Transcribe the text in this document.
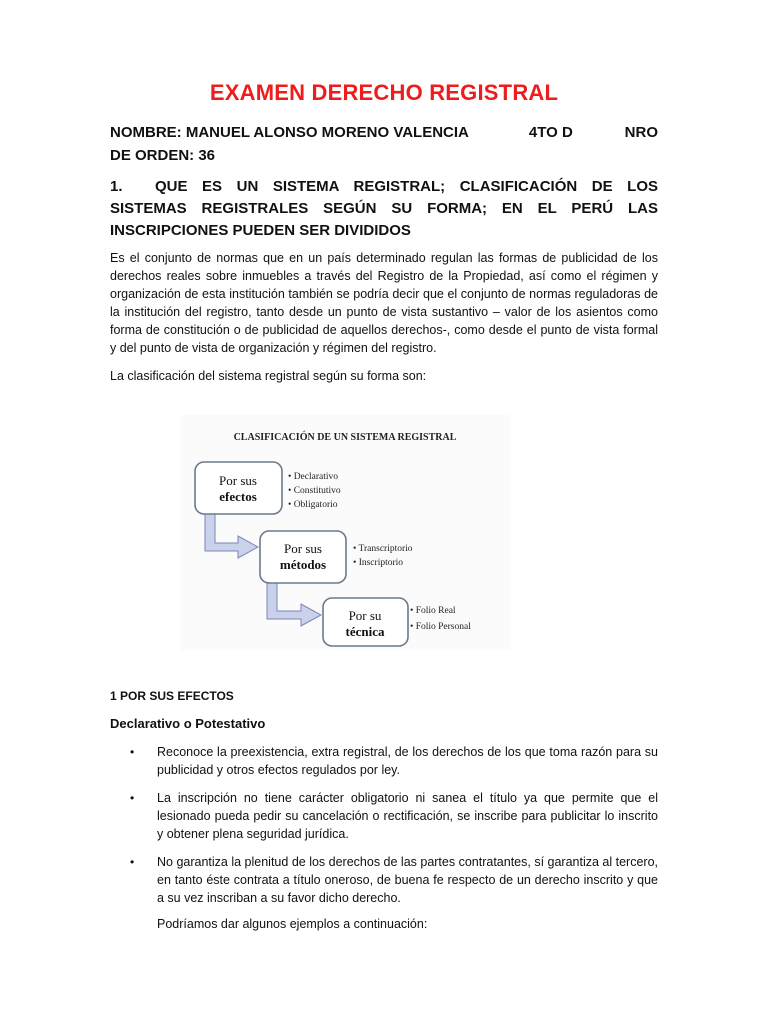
EXAMEN DERECHO REGISTRAL
NOMBRE: MANUEL ALONSO MORENO VALENCIA	4TO D	NRO
DE ORDEN: 36
1. QUE ES UN SISTEMA REGISTRAL; CLASIFICACIÓN DE LOS SISTEMAS REGISTRALES SEGÚN SU FORMA; EN EL PERÚ LAS INSCRIPCIONES PUEDEN SER DIVIDIDOS
Es el conjunto de normas que en un país determinado regulan las formas de publicidad de los derechos reales sobre inmuebles a través del Registro de la Propiedad, así como el régimen y organización de esta institución también se podría decir que el conjunto de normas reguladoras de la institución del registro, tanto desde un punto de vista sustantivo – valor de los asientos como forma de constitución o de publicidad de aquellos derechos-, como desde el punto de vista formal y del punto de vista de organización y régimen del registro.
La clasificación del sistema registral según su forma son:
CLASIFICACIÓN DE UN SISTEMA REGISTRAL
Por sus
efectos
Por sus
métodos
Por su
técnica
• Declarativo
• Constitutivo
• Obligatorio
• Transcriptorio
• Inscriptorio
• Folio Real
• Folio Personal
1 POR SUS EFECTOS
Declarativo o Potestativo
• Reconoce la preexistencia, extra registral, de los derechos de los que toma razón para su publicidad y otros efectos regulados por ley.
• La inscripción no tiene carácter obligatorio ni sanea el título ya que permite que el lesionado pueda pedir su cancelación o rectificación, se inscribe para publicitar lo inscrito y obtener plena seguridad jurídica.
• No garantiza la plenitud de los derechos de las partes contratantes, sí garantiza al tercero, en tanto éste contrata a título oneroso, de buena fe respecto de un derecho inscrito y que a su vez inscriban a su favor dicho derecho.
Podríamos dar algunos ejemplos a continuación:
